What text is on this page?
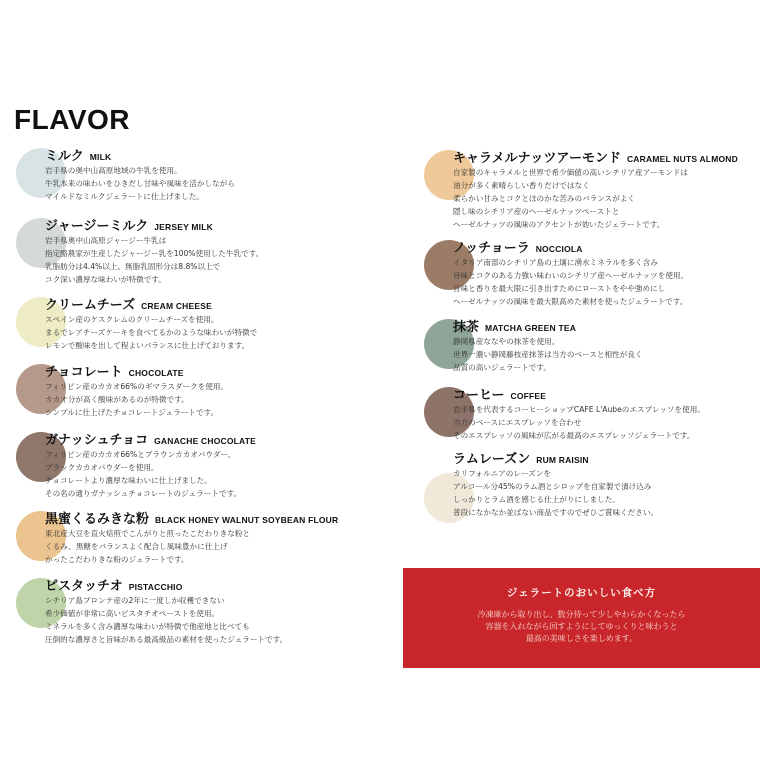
FLAVOR
ミルク MILK
岩手県の奥中山高原地域の牛乳を使用。
牛乳本来の味わいをひきだし甘味や風味を活かしながら
マイルドなミルクジェラートに仕上げました。
ジャージーミルク JERSEY MILK
岩手県奥中山高原ジャージー牛乳は
指定酪農家が生産したジャージー乳を100%使用した牛乳です。
乳脂肪分は4.4%以上、無脂乳固形分は8.8%以上で
コク深い濃厚な味わいが特徴です。
クリームチーズ CREAM CHEESE
スペイン産のケスクレムのクリームチーズを使用。
まるでレアチーズケーキを食べてるかのような味わいが特徴で
レモンで酸味を出して程よいバランスに仕上げております。
チョコレート CHOCOLATE
フィリピン産のカカオ66%のギマラスダークを使用。
カカオ分が高く酸味があるのが特徴です。
シンプルに仕上げたチョコレートジェラートです。
ガナッシュチョコ GANACHE CHOCOLATE
フィリピン産のカカオ66%とブラウンカカオパウダー、
ブラックカカオパウダーを使用。
チョコレートより濃厚な味わいに仕上げました。
その名の通りガナッシュチョコレートのジェラートです。
黒蜜くるみきな粉 BLACK HONEY WALNUT SOYBEAN FLOUR
東北産大豆を直火焙煎でこんがりと煎ったこだわりきな粉と
くるみ、黒糖をバランスよく配合し風味豊かに仕上げ
かったこだわりきな粉のジェラートです。
ピスタッチオ PISTACCHIO
シチリア島ブロンテ産の2年に一度しか収穫できない
希少価値が非常に高いピスタチオペーストを使用。
ミネラルを多く含み濃厚な味わいが特徴で他産地と比べても
圧倒的な濃厚さと旨味がある最高級品の素材を使ったジェラートです。
キャラメルナッツアーモンド CARAMEL NUTS ALMOND
自家製のキャラメルと世界で希少価値の高いシチリア産アーモンドは
油分が多く素晴らしい香りだけではなく
柔らかい甘みとコクとほのかな苦みのバランスがよく
隠し味のシチリア産のヘーゼルナッツペーストと
ヘーゼルナッツの風味のアクセントが効いたジェラートです。
ノッチョーラ NOCCIOLA
イタリア南部のシチリア島の土壌に湧水ミネラルを多く含み
旨味とコクのある力強い味わいのシチリア産ヘーゼルナッツを使用。
旨味と香りを最大限に引き出すためにローストをやや強めにし
ヘーゼルナッツの風味を最大限高めた素材を使ったジェラートです。
抹茶 MATCHA GREEN TEA
静岡県産ななやの抹茶を使用。
世界一濃い静岡藤枝産抹茶は当方のベースと相性が良く
品質の高いジェラートです。
コーヒー COFFEE
岩手県を代表するコーヒーショップCAFE L'Aubeのエスプレッソを使用。
当方のベースにエスプレッソを合わせ
そのエスプレッソの風味が広がる最高のエスプレッソジェラートです。
ラムレーズン RUM RAISIN
カリフォルニアのレーズンを
アルコール分45%のラム酒とシロップを自家製で漬け込み
しっかりとラム酒を感じる仕上がりにしました。
普段になかなか並ばない商品ですのでぜひご賞味ください。
ジェラートのおいしい食べ方
冷凍庫から取り出し、数分待って少しやわらかくなったら
容器を入れながら回すようにしてゆっくりと味わうと
最高の美味しさを楽しめます。
